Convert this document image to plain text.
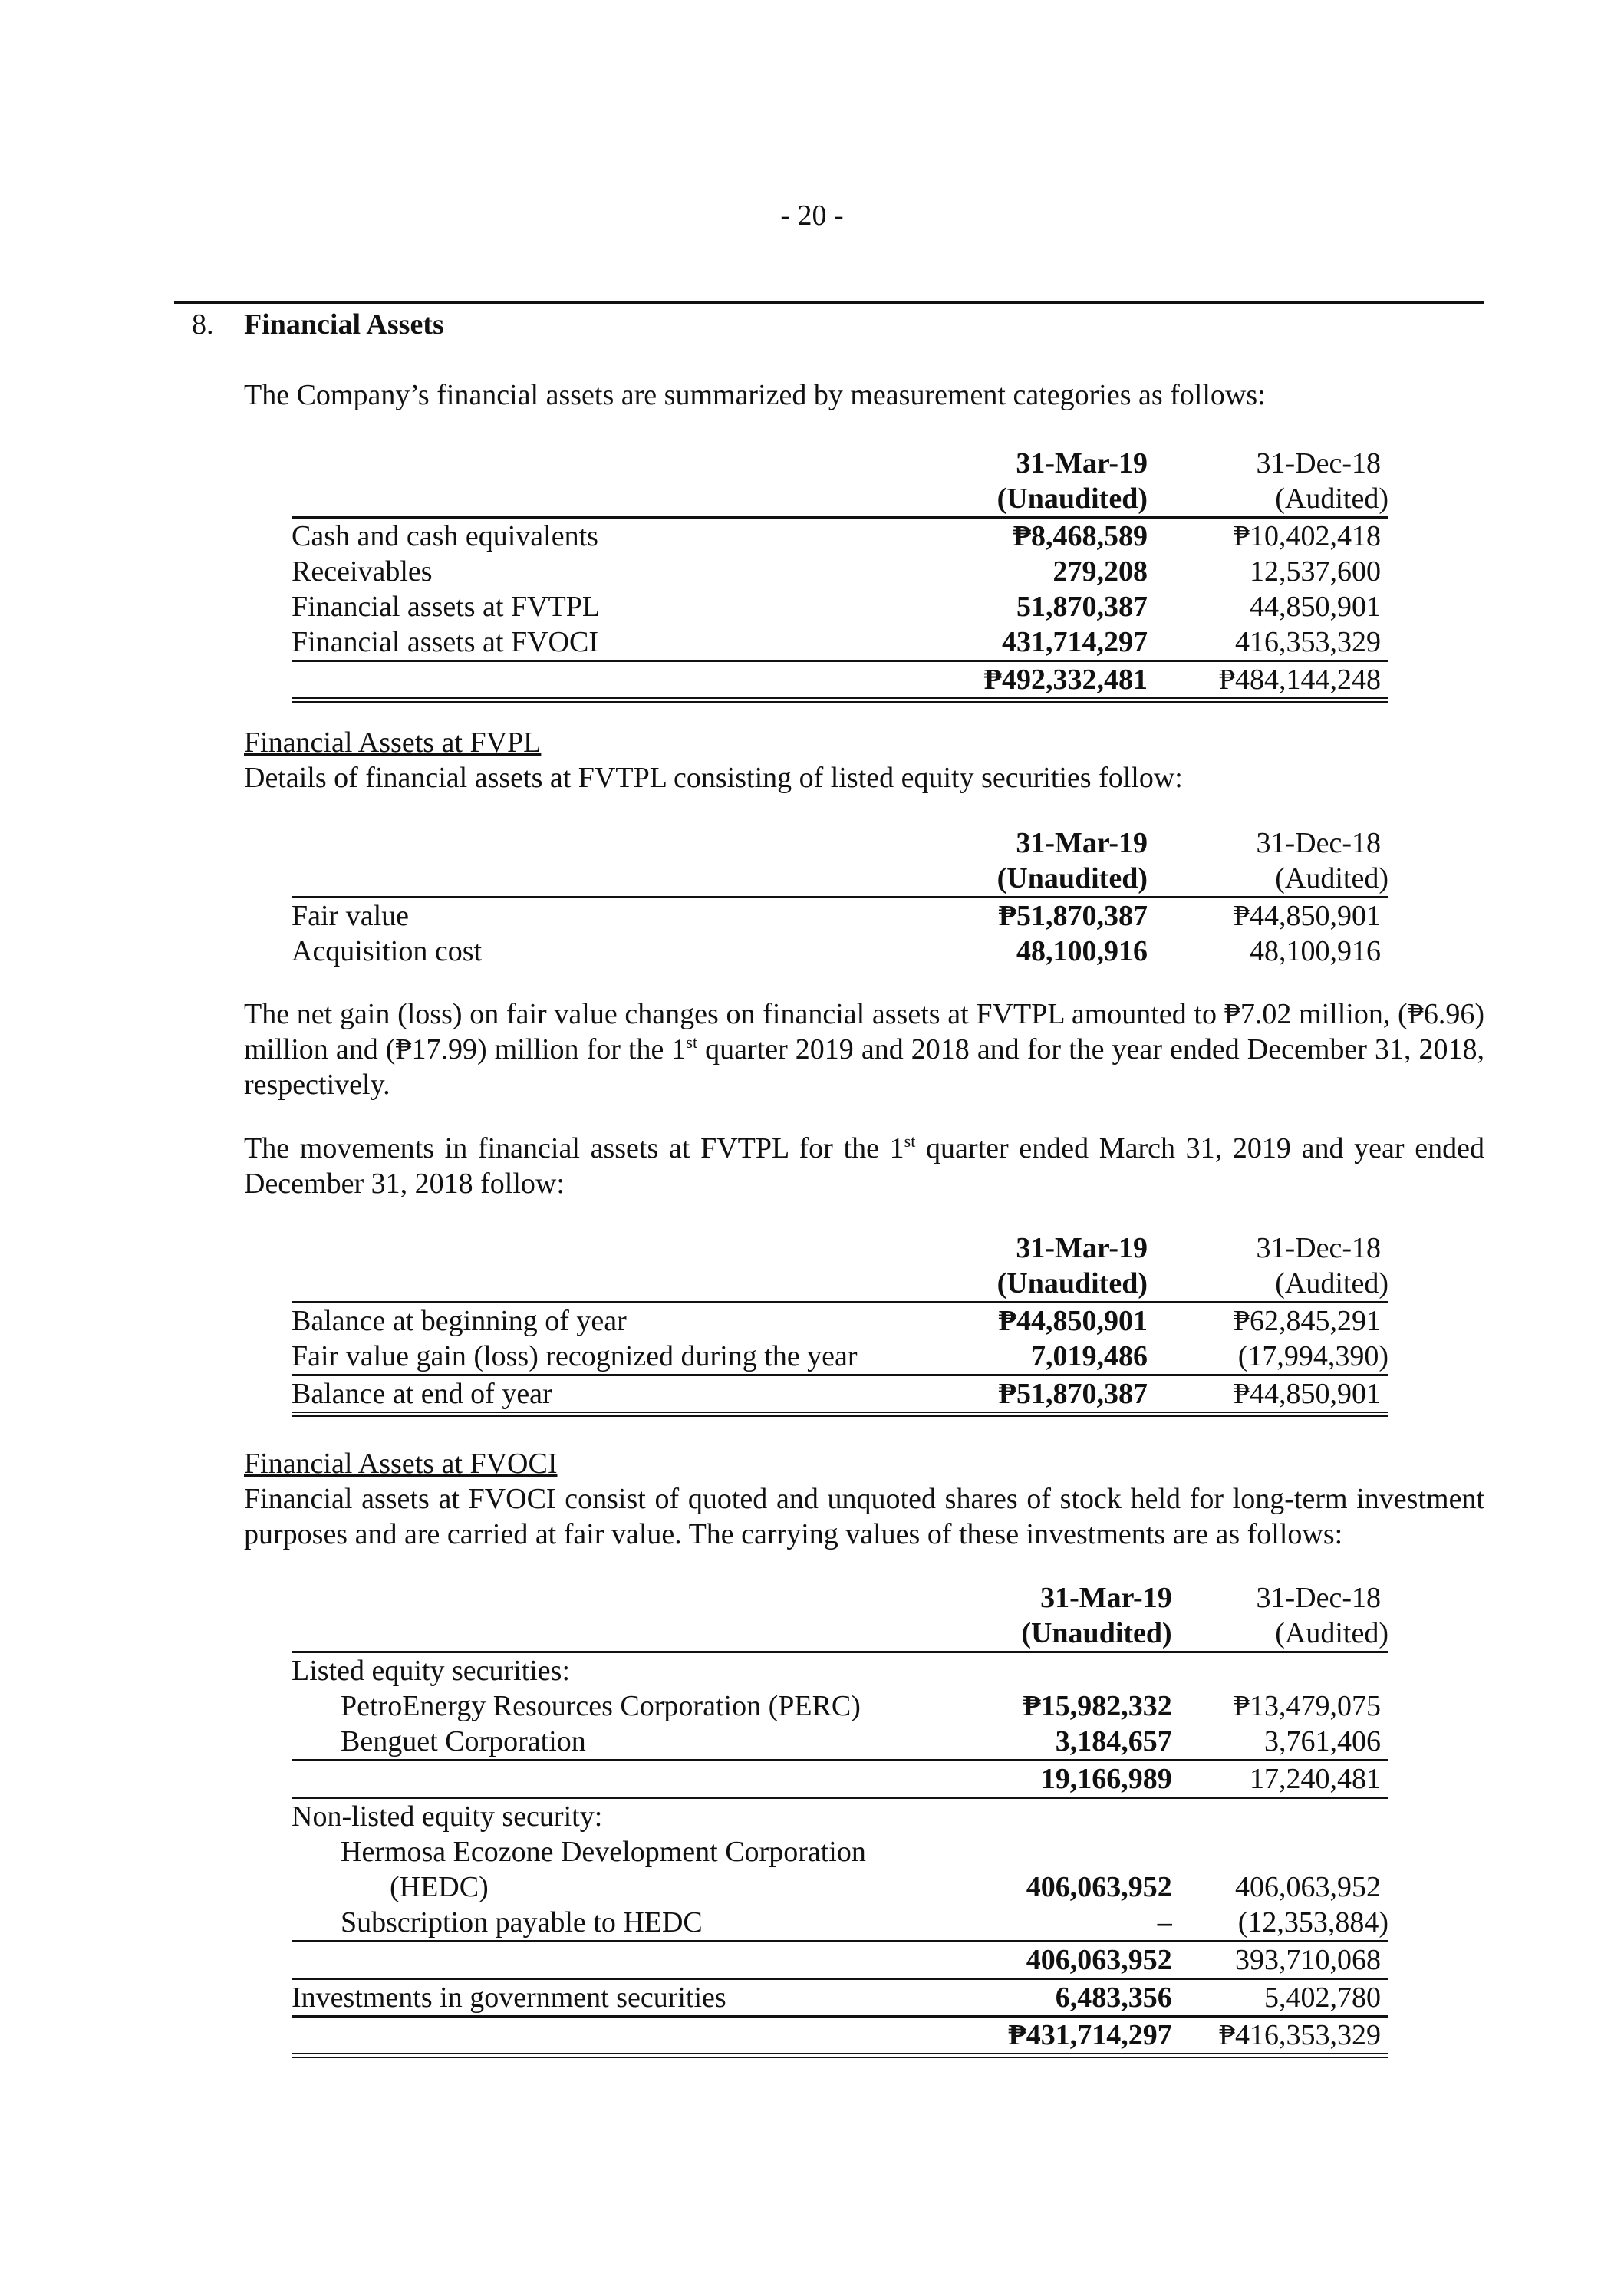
- 20 -
8. Financial Assets
The Company’s financial assets are summarized by measurement categories as follows:
	31-Mar-19	31-Dec-18
	(Unaudited)	(Audited)
Cash and cash equivalents	₱8,468,589	₱10,402,418
Receivables	279,208	12,537,600
Financial assets at FVTPL	51,870,387	44,850,901
Financial assets at FVOCI	431,714,297	416,353,329
	₱492,332,481	₱484,144,248
Financial Assets at FVPL
Details of financial assets at FVTPL consisting of listed equity securities follow:
	31-Mar-19	31-Dec-18
	(Unaudited)	(Audited)
Fair value	₱51,870,387	₱44,850,901
Acquisition cost	48,100,916	48,100,916
The net gain (loss) on fair value changes on financial assets at FVTPL amounted to ₱7.02 million, (₱6.96) million and (₱17.99) million for the 1st quarter 2019 and 2018 and for the year ended December 31, 2018, respectively.
The movements in financial assets at FVTPL for the 1st quarter ended March 31, 2019 and year ended December 31, 2018 follow:
	31-Mar-19	31-Dec-18
	(Unaudited)	(Audited)
Balance at beginning of year	₱44,850,901	₱62,845,291
Fair value gain (loss) recognized during the year	7,019,486	(17,994,390)
Balance at end of year	₱51,870,387	₱44,850,901
Financial Assets at FVOCI
Financial assets at FVOCI consist of quoted and unquoted shares of stock held for long-term investment purposes and are carried at fair value. The carrying values of these investments are as follows:
	31-Mar-19	31-Dec-18
	(Unaudited)	(Audited)
Listed equity securities:		
PetroEnergy Resources Corporation (PERC)	₱15,982,332	₱13,479,075
Benguet Corporation	3,184,657	3,761,406
	19,166,989	17,240,481
Non-listed equity security:		
Hermosa Ecozone Development Corporation		
(HEDC)	406,063,952	406,063,952
Subscription payable to HEDC	–	(12,353,884)
	406,063,952	393,710,068
Investments in government securities	6,483,356	5,402,780
	₱431,714,297	₱416,353,329
